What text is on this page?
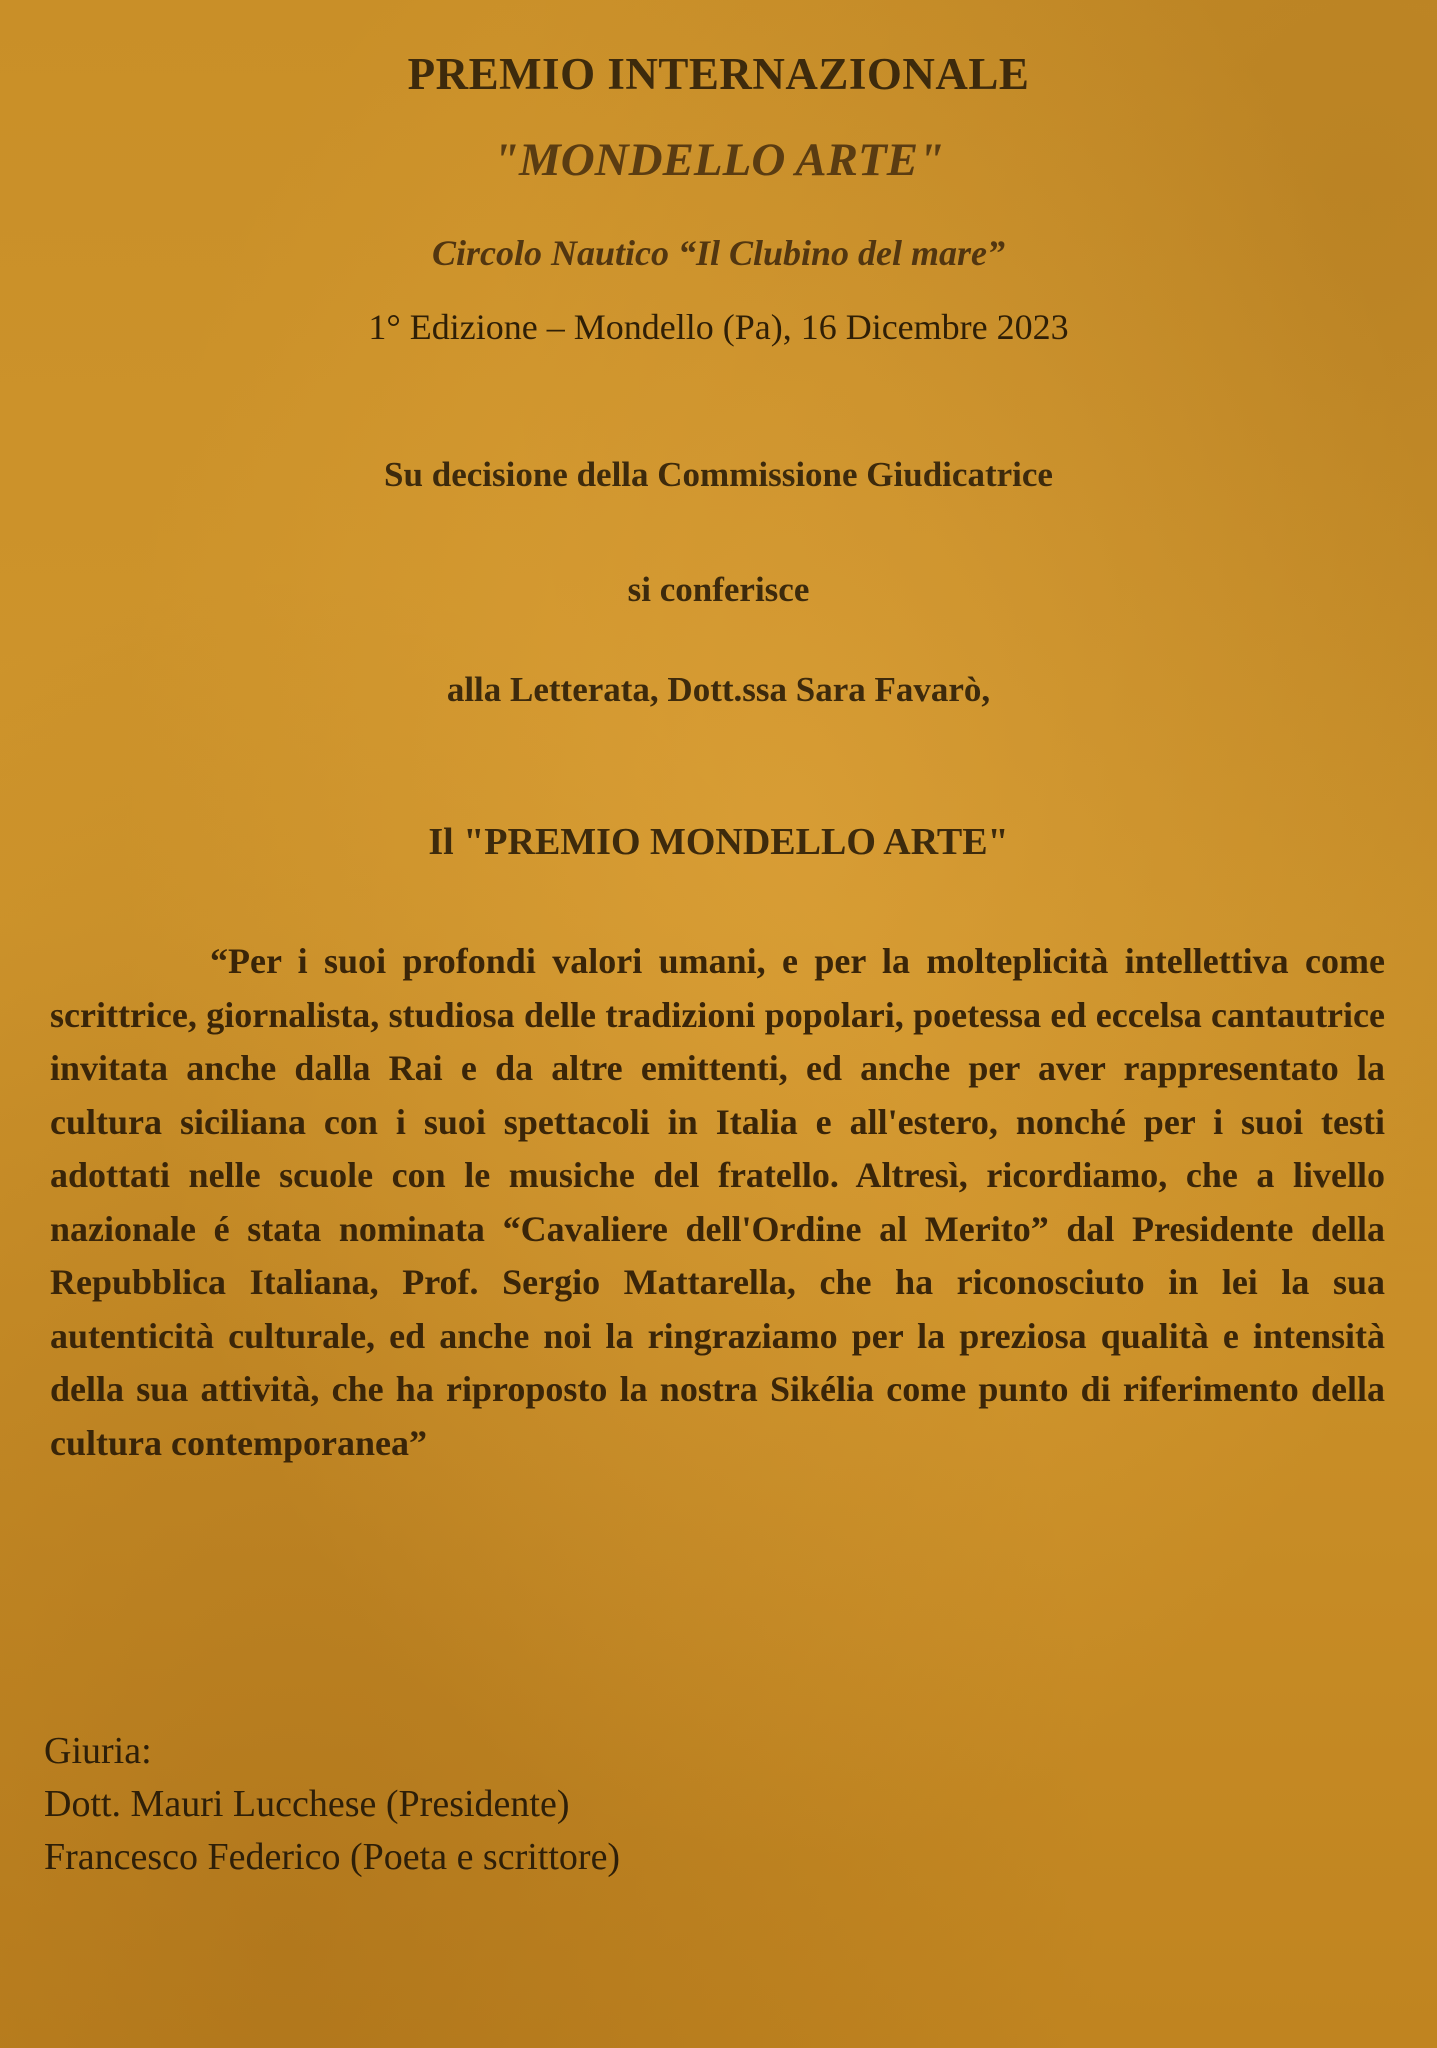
PREMIO INTERNAZIONALE

"MONDELLO ARTE"

Circolo Nautico “Il Clubino del mare”

1° Edizione – Mondello (Pa), 16 Dicembre 2023

Su decisione della Commissione Giudicatrice

si conferisce

alla Letterata, Dott.ssa Sara Favarò,

Il "PREMIO MONDELLO ARTE"

“Per i suoi profondi valori umani, e per la molteplicità intellettiva come scrittrice, giornalista, studiosa delle tradizioni popolari, poetessa ed eccelsa cantautrice invitata anche dalla Rai e da altre emittenti, ed anche per aver rappresentato la cultura siciliana con i suoi spettacoli in Italia e all'estero, nonché per i suoi testi adottati nelle scuole con le musiche del fratello. Altresì, ricordiamo, che a livello nazionale é stata nominata “Cavaliere dell'Ordine al Merito” dal Presidente della Repubblica Italiana, Prof. Sergio Mattarella, che ha riconosciuto in lei la sua autenticità culturale, ed anche noi la ringraziamo per la preziosa qualità e intensità della sua attività, che ha riproposto la nostra Sikélia come punto di riferimento della cultura contemporanea”

Giuria:
Dott. Mauri Lucchese (Presidente)
Francesco Federico (Poeta e scrittore)
